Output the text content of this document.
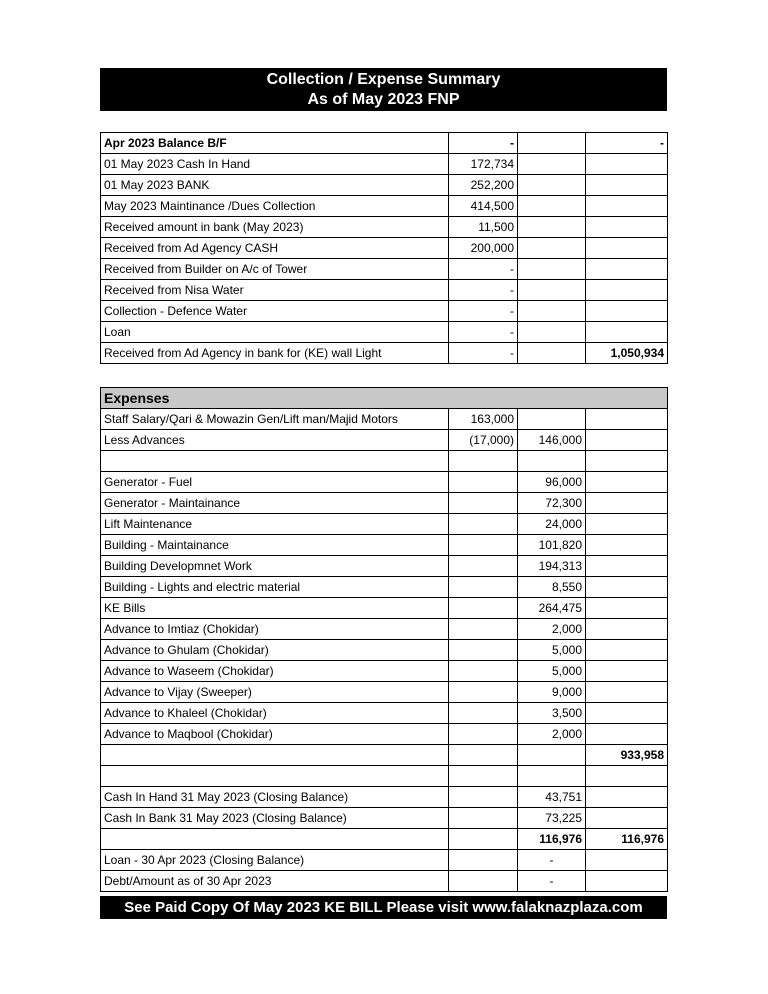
Collection / Expense Summary
As of May 2023 FNP
Apr 2023 Balance B/F	-		-
01 May 2023 Cash In Hand	172,734		
01 May 2023 BANK	252,200		
May 2023 Maintinance /Dues Collection	414,500		
Received amount in bank (May 2023)	11,500		
Received from Ad Agency CASH	200,000		
Received from Builder on A/c of Tower	-		
Received from Nisa Water	-		
Collection - Defence Water	-		
Loan	-		
Received from Ad Agency in bank for (KE) wall Light	-		1,050,934
Expenses			
Staff Salary/Qari & Mowazin Gen/Lift man/Majid Motors	163,000		
Less Advances	(17,000)	146,000	

Generator - Fuel		96,000	
Generator - Maintainance		72,300	
Lift Maintenance		24,000	
Building - Maintainance		101,820	
Building Developmnet Work		194,313	
Building - Lights and electric material		8,550	
KE Bills		264,475	
Advance to Imtiaz (Chokidar)		2,000	
Advance to Ghulam (Chokidar)		5,000	
Advance to Waseem (Chokidar)		5,000	
Advance to Vijay (Sweeper)		9,000	
Advance to Khaleel (Chokidar)		3,500	
Advance to Maqbool (Chokidar)		2,000	
			933,958

Cash In Hand 31 May 2023 (Closing Balance)		43,751	
Cash In Bank 31 May 2023 (Closing Balance)		73,225	
		116,976	116,976
Loan - 30 Apr 2023 (Closing Balance)		-	
Debt/Amount as of 30 Apr 2023		-	
See Paid Copy Of May 2023 KE BILL Please visit www.falaknazplaza.com
